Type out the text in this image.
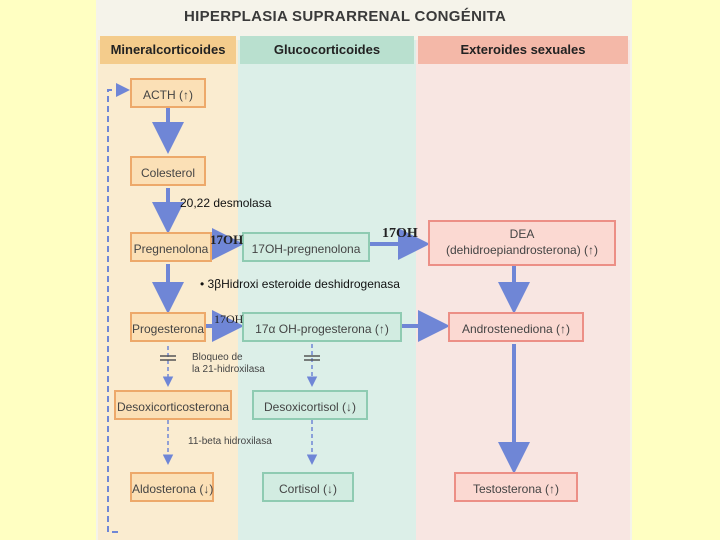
HIPERPLASIA SUPRARRENAL CONGÉNITA
Mineralcorticoides	Glucocorticoides	Exteroides sexuales
ACTH (↑)
Colesterol
Pregnenolona	17OH-pregnenolona
DEA
(dehidroepiandrosterona) (↑)
Progesterona	17α OH-progesterona (↑)	Androstenediona (↑)
Desoxicorticosterona	Desoxicortisol (↓)
Aldosterona (↓)	Cortisol (↓)	Testosterona (↑)
Bloqueo de
la 21-hidroxilasa
11-beta hidroxilasa
20,22 desmolasa
17OH	17OH
• 3βHidroxi esteroide deshidrogenasa
17OH
